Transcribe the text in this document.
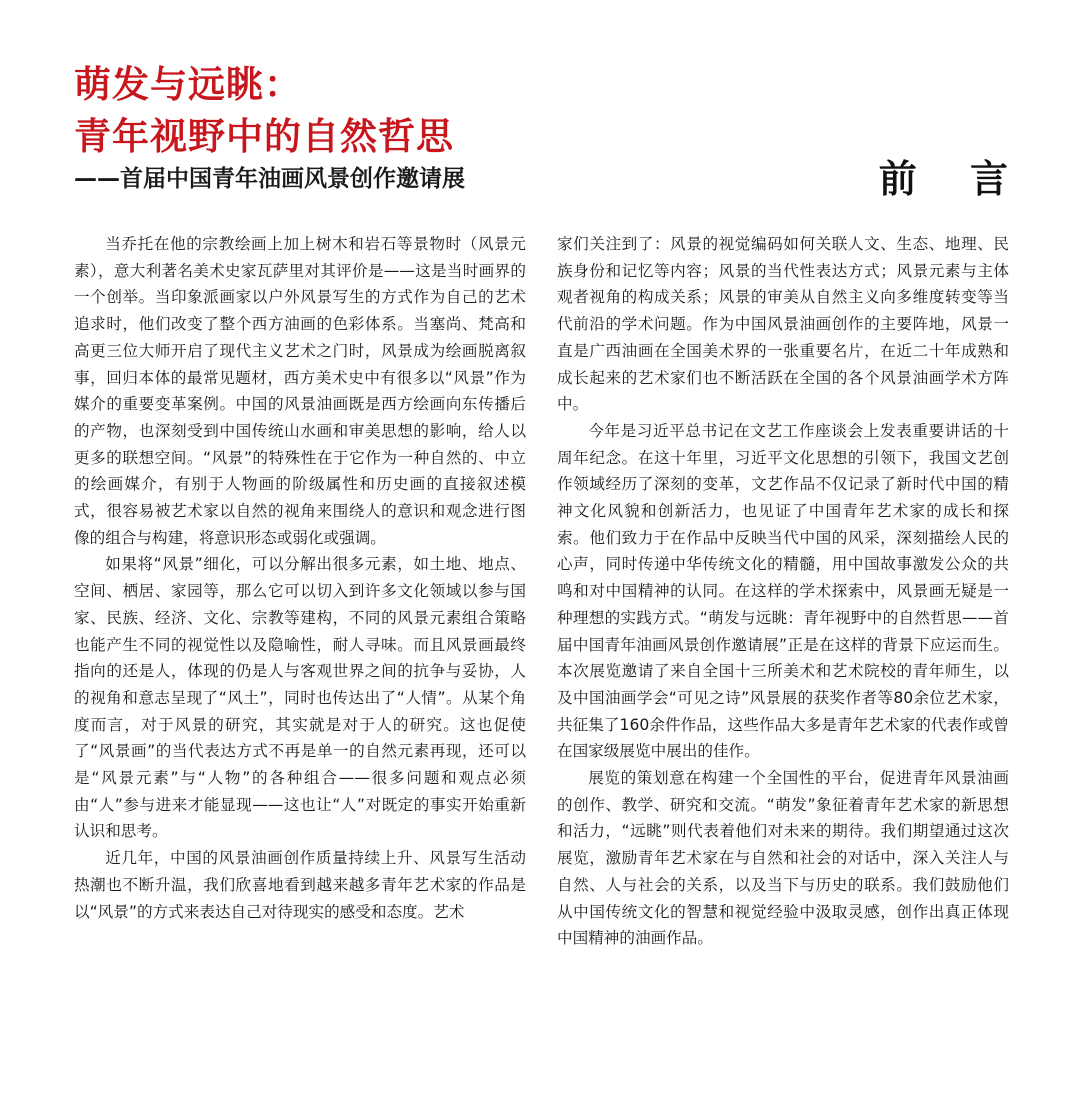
萌发与远眺：
青年视野中的自然哲思
——首届中国青年油画风景创作邀请展	前 言

当乔托在他的宗教绘画上加上树木和岩石等景物时（风景元素），意大利著名美术史家瓦萨里对其评价是——这是当时画界的一个创举。当印象派画家以户外风景写生的方式作为自己的艺术追求时，他们改变了整个西方油画的色彩体系。当塞尚、梵高和高更三位大师开启了现代主义艺术之门时，风景成为绘画脱离叙事，回归本体的最常见题材，西方美术史中有很多以“风景”作为媒介的重要变革案例。中国的风景油画既是西方绘画向东传播后的产物，也深刻受到中国传统山水画和审美思想的影响，给人以更多的联想空间。“风景”的特殊性在于它作为一种自然的、中立的绘画媒介，有别于人物画的阶级属性和历史画的直接叙述模式，很容易被艺术家以自然的视角来围绕人的意识和观念进行图像的组合与构建，将意识形态或弱化或强调。

如果将“风景”细化，可以分解出很多元素，如土地、地点、空间、栖居、家园等，那么它可以切入到许多文化领域以参与国家、民族、经济、文化、宗教等建构，不同的风景元素组合策略也能产生不同的视觉性以及隐喻性，耐人寻味。而且风景画最终指向的还是人，体现的仍是人与客观世界之间的抗争与妥协，人的视角和意志呈现了“风土”，同时也传达出了“人情”。从某个角度而言，对于风景的研究，其实就是对于人的研究。这也促使了“风景画”的当代表达方式不再是单一的自然元素再现，还可以是“风景元素”与“人物”的各种组合——很多问题和观点必须由“人”参与进来才能显现——这也让“人”对既定的事实开始重新认识和思考。

近几年，中国的风景油画创作质量持续上升、风景写生活动热潮也不断升温，我们欣喜地看到越来越多青年艺术家的作品是以“风景”的方式来表达自己对待现实的感受和态度。艺术

家们关注到了：风景的视觉编码如何关联人文、生态、地理、民族身份和记忆等内容；风景的当代性表达方式；风景元素与主体观者视角的构成关系；风景的审美从自然主义向多维度转变等当代前沿的学术问题。作为中国风景油画创作的主要阵地，风景一直是广西油画在全国美术界的一张重要名片，在近二十年成熟和成长起来的艺术家们也不断活跃在全国的各个风景油画学术方阵中。

今年是习近平总书记在文艺工作座谈会上发表重要讲话的十周年纪念。在这十年里，习近平文化思想的引领下，我国文艺创作领域经历了深刻的变革，文艺作品不仅记录了新时代中国的精神文化风貌和创新活力，也见证了中国青年艺术家的成长和探索。他们致力于在作品中反映当代中国的风采，深刻描绘人民的心声，同时传递中华传统文化的精髓，用中国故事激发公众的共鸣和对中国精神的认同。在这样的学术探索中，风景画无疑是一种理想的实践方式。“萌发与远眺：青年视野中的自然哲思——首届中国青年油画风景创作邀请展”正是在这样的背景下应运而生。本次展览邀请了来自全国十三所美术和艺术院校的青年师生，以及中国油画学会“可见之诗”风景展的获奖作者等80余位艺术家，共征集了160余件作品，这些作品大多是青年艺术家的代表作或曾在国家级展览中展出的佳作。

展览的策划意在构建一个全国性的平台，促进青年风景油画的创作、教学、研究和交流。“萌发”象征着青年艺术家的新思想和活力，“远眺”则代表着他们对未来的期待。我们期望通过这次展览，激励青年艺术家在与自然和社会的对话中，深入关注人与自然、人与社会的关系，以及当下与历史的联系。我们鼓励他们从中国传统文化的智慧和视觉经验中汲取灵感，创作出真正体现中国精神的油画作品。
